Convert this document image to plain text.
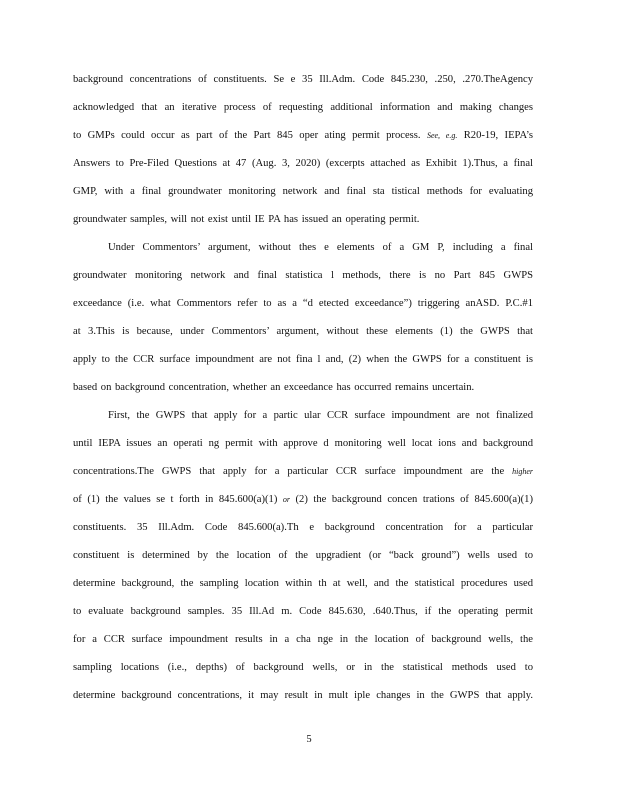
background concentrations of constituents. Se e 35 Ill.Adm. Code 845.230, .250, .270.TheAgency
acknowledged that an iterative process of requesting additional information and making changes
to GMPs could occur as part of the Part 845 oper ating permit process. See, e.g. R20-19, IEPA’s
Answers to Pre-Filed Questions at 47 (Aug. 3, 2020) (excerpts attached as Exhibit 1).Thus, a final
GMP, with a final groundwater monitoring network and final sta tistical methods for evaluating
groundwater samples, will not exist until IE PA has issued an operating permit.
Under Commentors’ argument, without thes e elements of a GM P, including a final
groundwater monitoring network and final statistica l methods, there is no Part 845 GWPS
exceedance (i.e. what Commentors refer to as a “d etected exceedance”) triggering anASD. P.C.#1
at 3.This is because, under Commentors’ argument, without these elements (1) the GWPS that
apply to the CCR surface impoundment are not fina l and, (2) when the GWPS for a constituent is
based on background concentration, whether an exceedance has occurred remains uncertain.
First, the GWPS that apply for a partic ular CCR surface impoundment are not finalized
until IEPA issues an operati ng permit with approve d monitoring well locat ions and background
concentrations.The GWPS that apply for a particular CCR surface impoundment are the higher
of (1) the values se t forth in 845.600(a)(1) or (2) the background concen trations of 845.600(a)(1)
constituents. 35 Ill.Adm. Code 845.600(a).Th e background concentration for a particular
constituent is determined by the location of the upgradient (or “back ground”) wells used to
determine background, the sampling location within th at well, and the statistical procedures used
to evaluate background samples. 35 Ill.Ad m. Code 845.630, .640.Thus, if the operating permit
for a CCR surface impoundment results in a cha nge in the location of background wells, the
sampling locations (i.e., depths) of background wells, or in the statistical methods used to
determine background concentrations, it may result in mult iple changes in the GWPS that apply.
5
